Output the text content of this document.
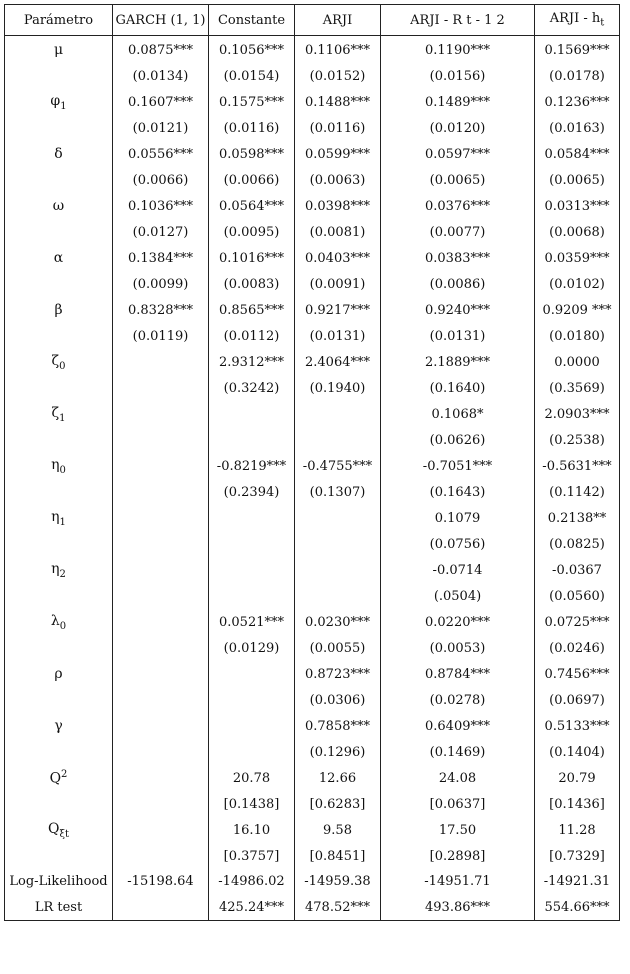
Parámetro	GARCH (1, 1)	Constante	ARJI	ARJI - R t - 1 2	ARJI - $h_t$
μ	0.0875***	0.1056***	0.1106***	0.1190***	0.1569***
	(0.0134)	(0.0154)	(0.0152)	(0.0156)	(0.0178)
$\varphi_1$	0.1607***	0.1575***	0.1488***	0.1489***	0.1236***
	(0.0121)	(0.0116)	(0.0116)	(0.0120)	(0.0163)
δ	0.0556***	0.0598***	0.0599***	0.0597***	0.0584***
	(0.0066)	(0.0066)	(0.0063)	(0.0065)	(0.0065)
ω	0.1036***	0.0564***	0.0398***	0.0376***	0.0313***
	(0.0127)	(0.0095)	(0.0081)	(0.0077)	(0.0068)
α	0.1384***	0.1016***	0.0403***	0.0383***	0.0359***
	(0.0099)	(0.0083)	(0.0091)	(0.0086)	(0.0102)
β	0.8328***	0.8565***	0.9217***	0.9240***	0.9209 ***
	(0.0119)	(0.0112)	(0.0131)	(0.0131)	(0.0180)
$\zeta_0$		2.9312***	2.4064***	2.1889***	0.0000
		(0.3242)	(0.1940)	(0.1640)	(0.3569)
$\zeta_1$				0.1068*	2.0903***
				(0.0626)	(0.2538)
$\eta_0$		-0.8219***	-0.4755***	-0.7051***	-0.5631***
		(0.2394)	(0.1307)	(0.1643)	(0.1142)
$\eta_1$				0.1079	0.2138**
				(0.0756)	(0.0825)
$\eta_2$				-0.0714	-0.0367
				(.0504)	(0.0560)
$\lambda_0$		0.0521***	0.0230***	0.0220***	0.0725***
		(0.0129)	(0.0055)	(0.0053)	(0.0246)
ρ			0.8723***	0.8784***	0.7456***
			(0.0306)	(0.0278)	(0.0697)
γ			0.7858***	0.6409***	0.5133***
			(0.1296)	(0.1469)	(0.1404)
$Q^2$		20.78	12.66	24.08	20.79
		[0.1438]	[0.6283]	[0.0637]	[0.1436]
$Q_{\xi t}$		16.10	9.58	17.50	11.28
		[0.3757]	[0.8451]	[0.2898]	[0.7329]
Log-Likelihood	-15198.64	-14986.02	-14959.38	-14951.71	-14921.31
LR test		425.24***	478.52***	493.86***	554.66***
